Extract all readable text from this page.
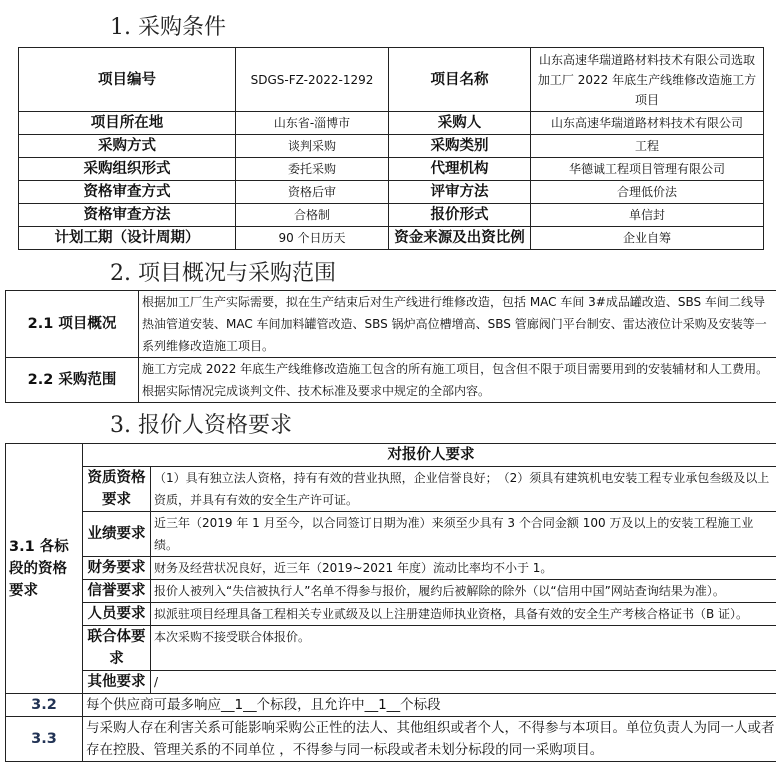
1. 采购条件
项目编号	SDGS-FZ-2022-1292	项目名称	山东高速华瑞道路材料技术有限公司选取加工厂 2022 年底生产线维修改造施工方项目
项目所在地	山东省-淄博市	采购人	山东高速华瑞道路材料技术有限公司
采购方式	谈判采购	采购类别	工程
采购组织形式	委托采购	代理机构	华德诚工程项目管理有限公司
资格审查方式	资格后审	评审方法	合理低价法
资格审查方法	合格制	报价形式	单信封
计划工期（设计周期）	90 个日历天	资金来源及出资比例	企业自筹
2. 项目概况与采购范围
2.1 项目概况	根据加工厂生产实际需要，拟在生产结束后对生产线进行维修改造，包括 MAC 车间 3#成品罐改造、SBS 车间二线导热油管道安装、MAC 车间加料罐管改造、SBS 锅炉高位槽增高、SBS 管廊阀门平台制安、雷达液位计采购及安装等一系列维修改造施工项目。
2.2 采购范围	施工方完成 2022 年底生产线维修改造施工包含的所有施工项目，包含但不限于项目需要用到的安装辅材和人工费用。根据实际情况完成谈判文件、技术标准及要求中规定的全部内容。
3. 报价人资格要求
3.1 各标段的资格要求	对报价人要求	
	资质资格要求	（1）具有独立法人资格，持有有效的营业执照，企业信誉良好；　（2）须具有建筑机电安装工程专业承包叁级及以上资质，并具有有效的安全生产许可证。
	业绩要求	近三年（2019 年 1 月至今，以合同签订日期为准）来须至少具有 3 个合同金额 100 万及以上的安装工程施工业绩。
	财务要求	财务及经营状况良好，近三年（2019~2021 年度）流动比率均不小于 1。
	信誉要求	报价人被列入“失信被执行人”名单不得参与报价，履约后被解除的除外（以“信用中国”网站查询结果为准）。
	人员要求	拟派驻项目经理具备工程相关专业贰级及以上注册建造师执业资格，具备有效的安全生产考核合格证书（B 证）。
	联合体要求	本次采购不接受联合体报价。
	其他要求	/
3.2	每个供应商可最多响应__1__个标段，且允许中__1__个标段	
3.3	与采购人存在利害关系可能影响采购公正性的法人、其他组织或者个人，不得参与本项目。单位负责人为同一人或者存在控股、管理关系的不同单位 ，不得参与同一标段或者未划分标段的同一采购项目。	
